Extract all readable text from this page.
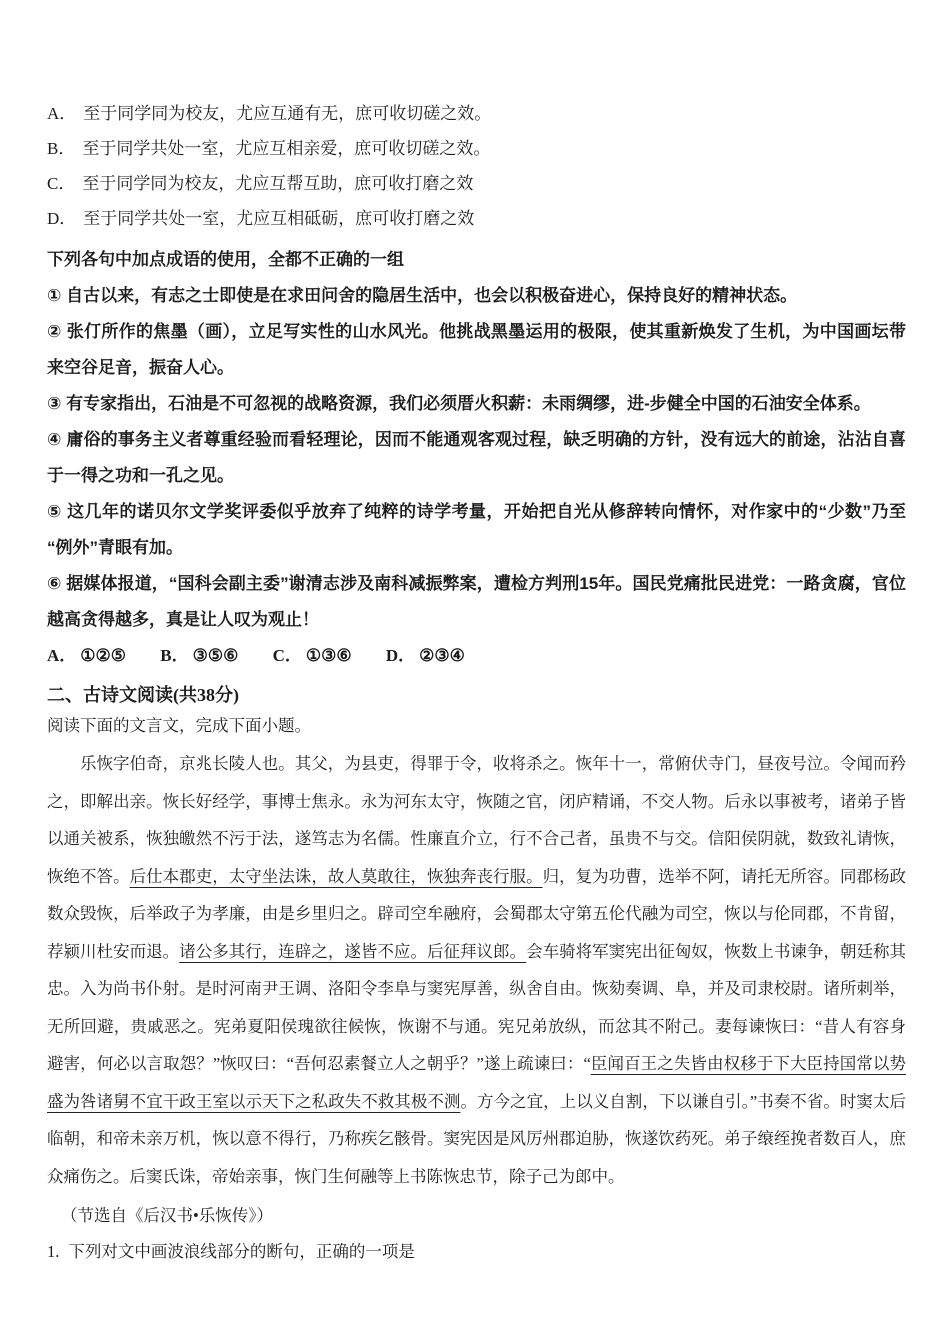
A． 至于同学同为校友，尤应互通有无，庶可收切磋之效。

B． 至于同学共处一室，尤应互相亲爱，庶可收切磋之效。

C． 至于同学同为校友，尤应互帮互助，庶可收打磨之效

D． 至于同学共处一室，尤应互相砥砺，庶可收打磨之效

下列各句中加点成语的使用，全都不正确的一组

① 自古以来，有志之士即使是在求田问舍的隐居生活中，也会以积极奋进心，保持良好的精神状态。

② 张仃所作的焦墨（画），立足写实性的山水风光。他挑战黑墨运用的极限，使其重新焕发了生机，为中国画坛带来空谷足音，振奋人心。

③ 有专家指出，石油是不可忽视的战略资源，我们必须厝火积薪：未雨绸缪，进-步健全中国的石油安全体系。

④ 庸俗的事务主义者尊重经验而看轻理论，因而不能通观客观过程，缺乏明确的方针，没有远大的前途，沾沾自喜于一得之功和一孔之见。

⑤ 这几年的诺贝尔文学奖评委似乎放弃了纯粹的诗学考量，开始把自光从修辞转向情怀，对作家中的“少数”乃至“例外”青眼有加。

⑥ 据媒体报道，“国科会副主委”谢清志涉及南科减振弊案，遭检方判刑15年。国民党痛批民进党：一路贪腐，官位越高贪得越多，真是让人叹为观止！

A． ①②⑤ B． ③⑤⑥ C． ①③⑥ D． ②③④

二、古诗文阅读(共38分)

阅读下面的文言文，完成下面小题。

乐恢字伯奇，京兆长陵人也。其父，为县吏，得罪于令，收将杀之。恢年十一，常俯伏寺门，昼夜号泣。令闻而矜之，即解出亲。恢长好经学，事博士焦永。永为河东太守，恢随之官，闭庐精诵，不交人物。后永以事被考，诸弟子皆以通关被系，恢独皦然不污于法，遂笃志为名儒。性廉直介立，行不合己者，虽贵不与交。信阳侯阴就，数致礼请恢，恢绝不答。后仕本郡吏，太守坐法诛，故人莫敢往，恢独奔丧行服。归，复为功曹，选举不阿，请托无所容。同郡杨政数众毁恢，后举政子为孝廉，由是乡里归之。辟司空牟融府，会蜀郡太守第五伦代融为司空，恢以与伦同郡，不肯留，荐颍川杜安而退。诸公多其行，连辟之，遂皆不应。后征拜议郎。会车骑将军窦宪出征匈奴，恢数上书谏争，朝廷称其忠。入为尚书仆射。是时河南尹王调、洛阳令李阜与窦宪厚善，纵舍自由。恢劾奏调、阜，并及司隶校尉。诸所刺举，无所回避，贵戚恶之。宪弟夏阳侯瑰欲往候恢，恢谢不与通。宪兄弟放纵，而忿其不附己。妻每谏恢曰：“昔人有容身避害，何必以言取怨？”恢叹曰：“吾何忍素餐立人之朝乎？”遂上疏谏曰：“臣闻百王之失皆由权移于下大臣持国常以势盛为咎诸舅不宜干政王室以示天下之私政失不救其极不测。方今之宜，上以义自割，下以谦自引。”书奏不省。时窦太后临朝，和帝未亲万机，恢以意不得行，乃称疾乞骸骨。窦宪因是风厉州郡迫胁，恢遂饮药死。弟子缞绖挽者数百人，庶众痛伤之。后窦氏诛，帝始亲事，恢门生何融等上书陈恢忠节，除子己为郎中。

（节选自《后汉书•乐恢传》）

1. 下列对文中画波浪线部分的断句，正确的一项是
